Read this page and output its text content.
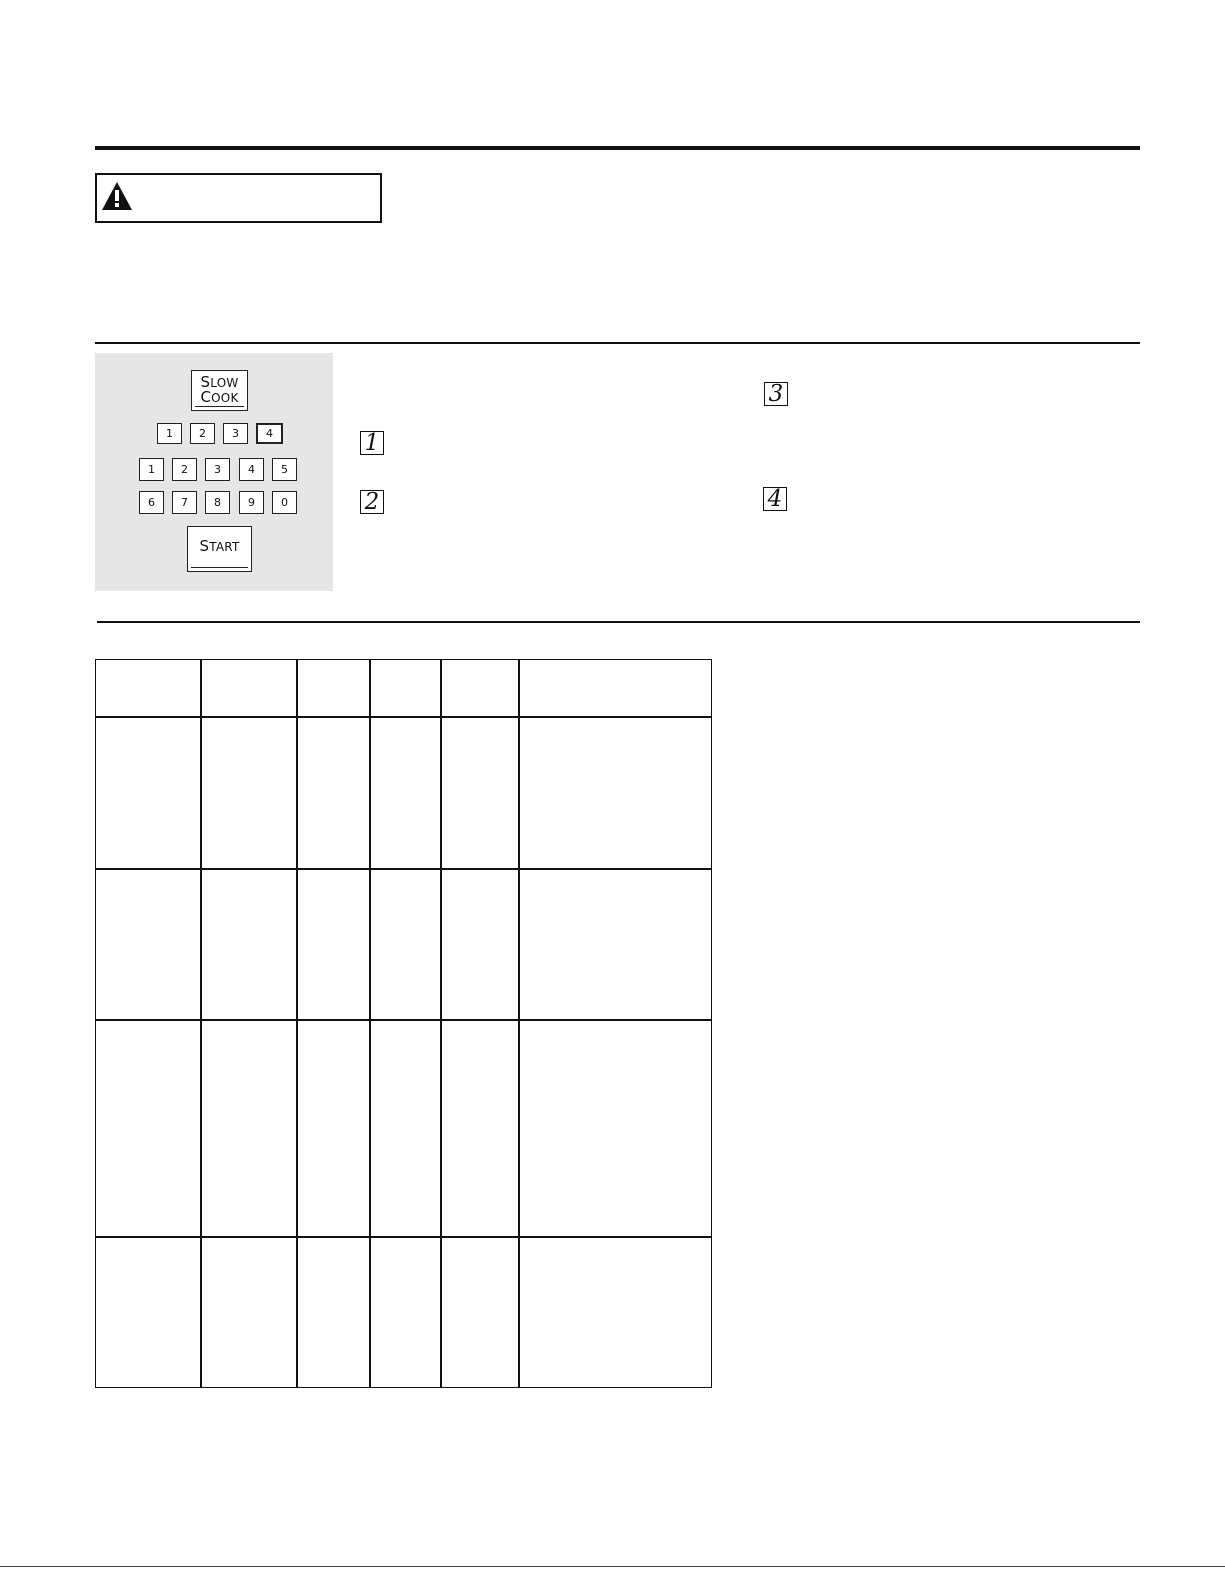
SLOW
COOK
1	2	3	4
1	2	3	4	5
6	7	8	9	0
START
1
2
3
4
